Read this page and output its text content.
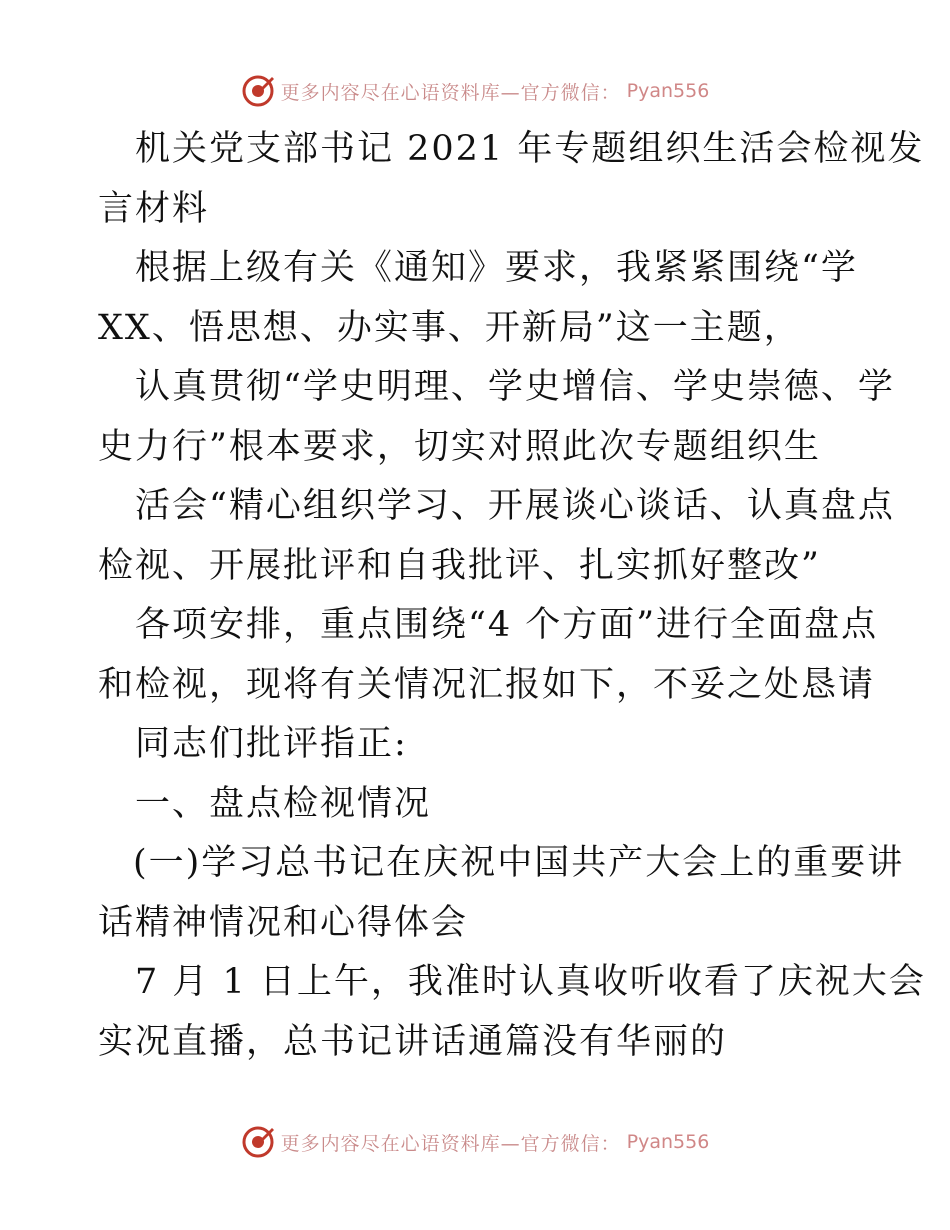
更多内容尽在心语资料库—官方微信： Pyan556
机关党支部书记 2021 年专题组织生活会检视发
言材料
根据上级有关《通知》要求，我紧紧围绕“学
XX、悟思想、办实事、开新局”这一主题，
认真贯彻“学史明理、学史增信、学史崇德、学
史力行”根本要求，切实对照此次专题组织生
活会“精心组织学习、开展谈心谈话、认真盘点
检视、开展批评和自我批评、扎实抓好整改”
各项安排，重点围绕“4 个方面”进行全面盘点
和检视，现将有关情况汇报如下，不妥之处恳请
同志们批评指正:
一、盘点检视情况
(一)学习总书记在庆祝中国共产大会上的重要讲
话精神情况和心得体会
7 月 1 日上午，我准时认真收听收看了庆祝大会
实况直播，总书记讲话通篇没有华丽的
更多内容尽在心语资料库—官方微信： Pyan556
